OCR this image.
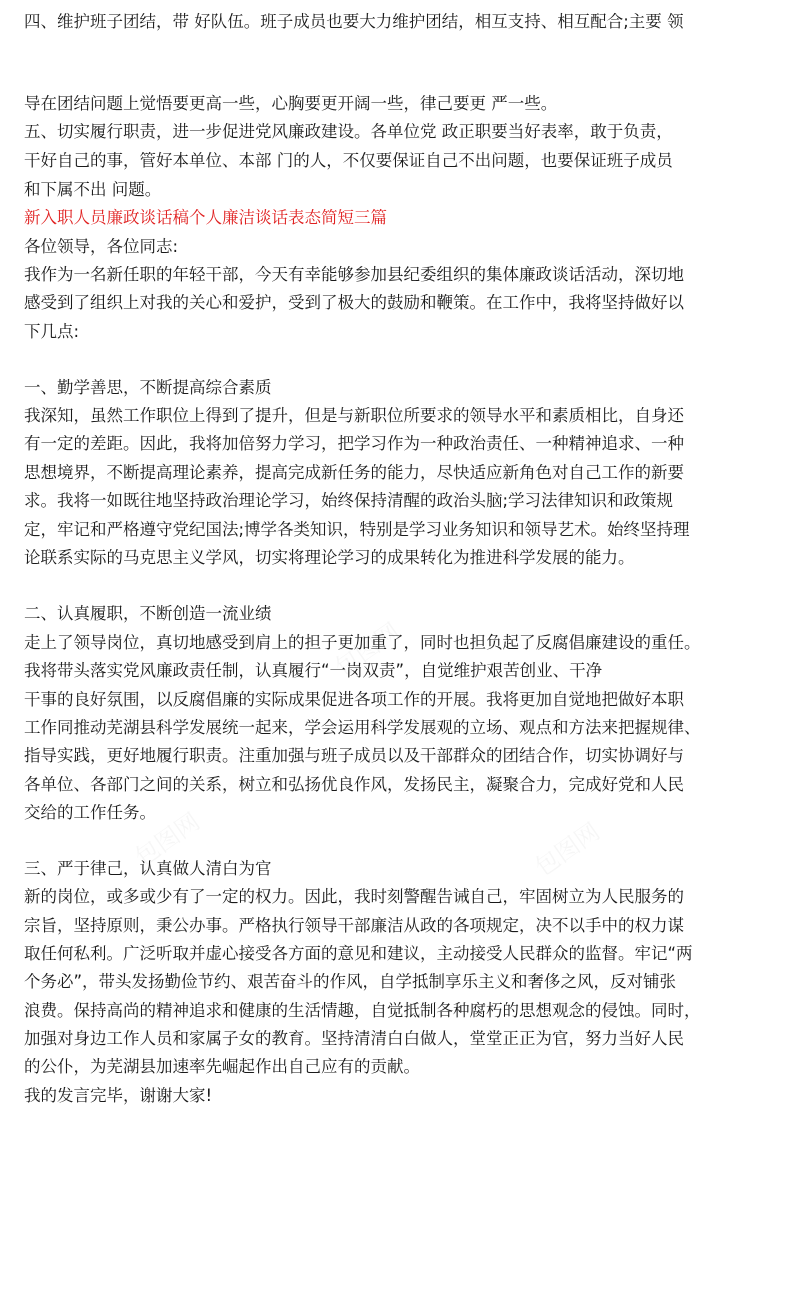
四、维护班子团结，带 好队伍。班子成员也要大力维护团结，相互支持、相互配合;主要 领
导在团结问题上觉悟要更高一些，心胸要更开阔一些，律己要更 严一些。
五、切实履行职责，进一步促进党风廉政建设。各单位党 政正职要当好表率，敢于负责，
干好自己的事，管好本单位、本部 门的人，不仅要保证自己不出问题，也要保证班子成员
和下属不出 问题。
新入职人员廉政谈话稿个人廉洁谈话表态简短三篇
各位领导，各位同志:
我作为一名新任职的年轻干部，今天有幸能够参加县纪委组织的集体廉政谈话活动，深切地
感受到了组织上对我的关心和爱护，受到了极大的鼓励和鞭策。在工作中，我将坚持做好以
下几点:
一、勤学善思，不断提高综合素质
我深知，虽然工作职位上得到了提升，但是与新职位所要求的领导水平和素质相比，自身还
有一定的差距。因此，我将加倍努力学习，把学习作为一种政治责任、一种精神追求、一种
思想境界，不断提高理论素养，提高完成新任务的能力，尽快适应新角色对自己工作的新要
求。我将一如既往地坚持政治理论学习，始终保持清醒的政治头脑;学习法律知识和政策规
定，牢记和严格遵守党纪国法;博学各类知识，特别是学习业务知识和领导艺术。始终坚持理
论联系实际的马克思主义学风，切实将理论学习的成果转化为推进科学发展的能力。
二、认真履职，不断创造一流业绩
走上了领导岗位，真切地感受到肩上的担子更加重了，同时也担负起了反腐倡廉建设的重任。
我将带头落实党风廉政责任制，认真履行“一岗双责”，自觉维护艰苦创业、干净
干事的良好氛围，以反腐倡廉的实际成果促进各项工作的开展。我将更加自觉地把做好本职
工作同推动芜湖县科学发展统一起来，学会运用科学发展观的立场、观点和方法来把握规律、
指导实践，更好地履行职责。注重加强与班子成员以及干部群众的团结合作，切实协调好与
各单位、各部门之间的关系，树立和弘扬优良作风，发扬民主，凝聚合力，完成好党和人民
交给的工作任务。
三、严于律己，认真做人清白为官
新的岗位，或多或少有了一定的权力。因此，我时刻警醒告诫自己，牢固树立为人民服务的
宗旨，坚持原则，秉公办事。严格执行领导干部廉洁从政的各项规定，决不以手中的权力谋
取任何私利。广泛听取并虚心接受各方面的意见和建议，主动接受人民群众的监督。牢记“两
个务必”，带头发扬勤俭节约、艰苦奋斗的作风，自学抵制享乐主义和奢侈之风，反对铺张
浪费。保持高尚的精神追求和健康的生活情趣，自觉抵制各种腐朽的思想观念的侵蚀。同时，
加强对身边工作人员和家属子女的教育。坚持清清白白做人，堂堂正正为官，努力当好人民
的公仆，为芜湖县加速率先崛起作出自己应有的贡献。
我的发言完毕，谢谢大家!
